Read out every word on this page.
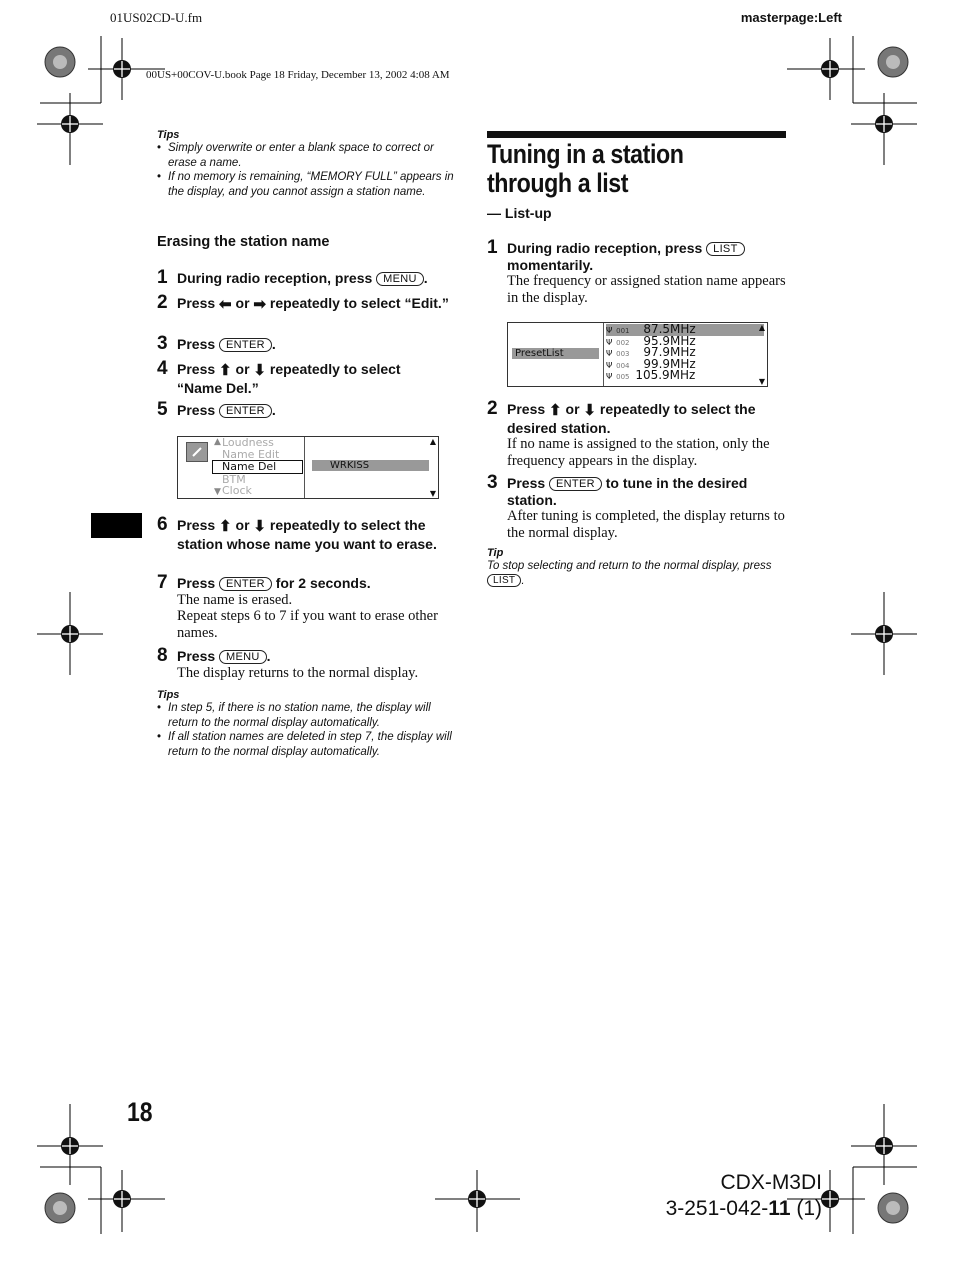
01US02CD-U.fm	masterpage:Left
00US+00COV-U.book Page 18 Friday, December 13, 2002 4:08 AM
Tips
• Simply overwrite or enter a blank space to correct or erase a name.
• If no memory is remaining, “MEMORY FULL” appears in the display, and you cannot assign a station name.
Erasing the station name
1 During radio reception, press MENU .
2 Press ⬅ or ➡ repeatedly to select “Edit.”
3 Press ENTER .
4 Press ⬆ or ⬇ repeatedly to select “Name Del.”
5 Press ENTER .
▲
▼
Loudness
Name Edit
Name Del
BTM
Clock
WRKISS
▲
▼
6 Press ⬆ or ⬇ repeatedly to select the station whose name you want to erase.
7 Press ENTER for 2 seconds.
The name is erased.
Repeat steps 6 to 7 if you want to erase other names.
8 Press MENU .
The display returns to the normal display.
Tips
• In step 5, if there is no station name, the display will return to the normal display automatically.
• If all station names are deleted in step 7, the display will return to the normal display automatically.
Tuning in a station through a list
— List-up
1 During radio reception, press LIST momentarily.
The frequency or assigned station name appears in the display.
PresetList
Ψ 001 87.5MHz
Ψ 002 95.9MHz
Ψ 003 97.9MHz
Ψ 004 99.9MHz
Ψ 005 105.9MHz
▲
▼
2 Press ⬆ or ⬇ repeatedly to select the desired station.
If no name is assigned to the station, only the frequency appears in the display.
3 Press ENTER to tune in the desired station.
After tuning is completed, the display returns to the normal display.
Tip
To stop selecting and return to the normal display, press LIST .
18
CDX-M3DI
3-251-042-11 (1)
